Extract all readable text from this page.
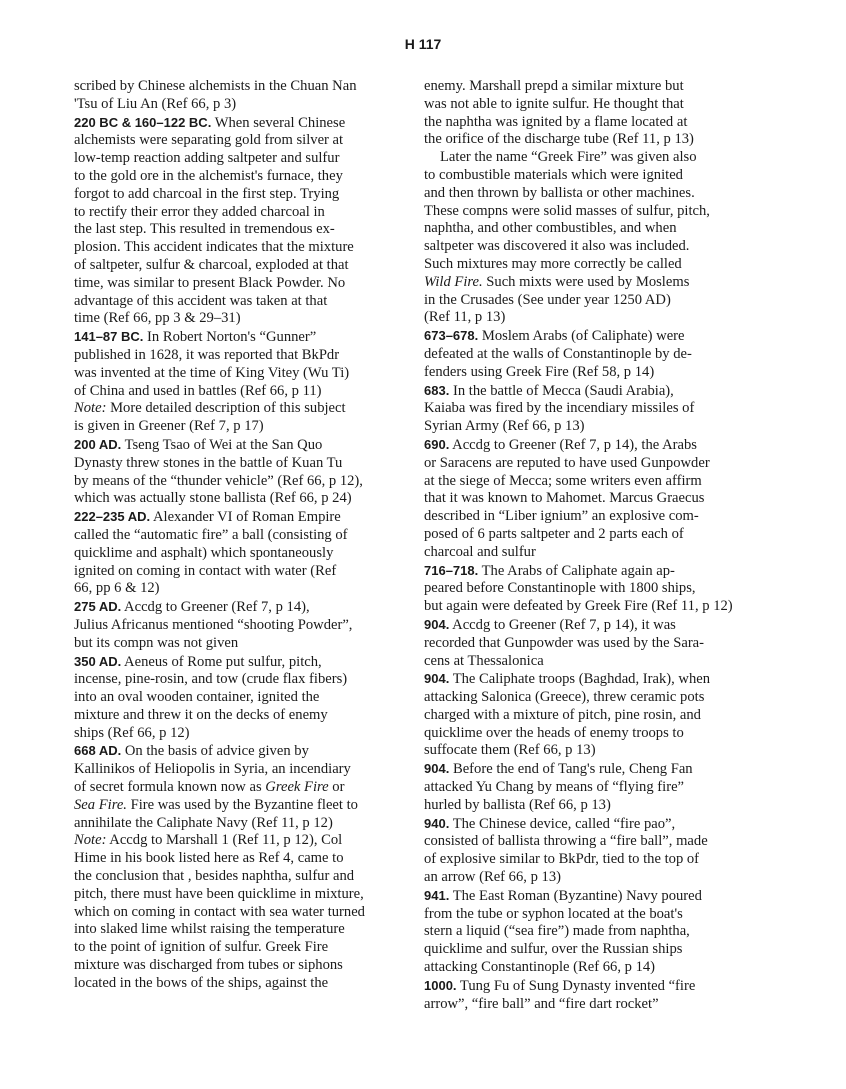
H 117
scribed by Chinese alchemists in the Chuan Nan
'Tsu of Liu An (Ref 66, p 3)
220 BC & 160–122 BC. When several Chinese
alchemists were separating gold from silver at
low-temp reaction adding saltpeter and sulfur
to the gold ore in the alchemist's furnace, they
forgot to add charcoal in the first step. Trying
to rectify their error they added charcoal in
the last step. This resulted in tremendous ex-
plosion. This accident indicates that the mixture
of saltpeter, sulfur & charcoal, exploded at that
time, was similar to present Black Powder. No
advantage of this accident was taken at that
time (Ref 66, pp 3 & 29–31)
141–87 BC. In Robert Norton's “Gunner”
published in 1628, it was reported that BkPdr
was invented at the time of King Vitey (Wu Ti)
of China and used in battles (Ref 66, p 11)
Note: More detailed description of this subject
is given in Greener (Ref 7, p 17)
200 AD. Tseng Tsao of Wei at the San Quo
Dynasty threw stones in the battle of Kuan Tu
by means of the “thunder vehicle” (Ref 66, p 12),
which was actually stone ballista (Ref 66, p 24)
222–235 AD. Alexander VI of Roman Empire
called the “automatic fire” a ball (consisting of
quicklime and asphalt) which spontaneously
ignited on coming in contact with water (Ref
66, pp 6 & 12)
275 AD. Accdg to Greener (Ref 7, p 14),
Julius Africanus mentioned “shooting Powder”,
but its compn was not given
350 AD. Aeneus of Rome put sulfur, pitch,
incense, pine-rosin, and tow (crude flax fibers)
into an oval wooden container, ignited the
mixture and threw it on the decks of enemy
ships (Ref 66, p 12)
668 AD. On the basis of advice given by
Kallinikos of Heliopolis in Syria, an incendiary
of secret formula known now as Greek Fire or
Sea Fire. Fire was used by the Byzantine fleet to
annihilate the Caliphate Navy (Ref 11, p 12)
Note: Accdg to Marshall 1 (Ref 11, p 12), Col
Hime in his book listed here as Ref 4, came to
the conclusion that , besides naphtha, sulfur and
pitch, there must have been quicklime in mixture,
which on coming in contact with sea water turned
into slaked lime whilst raising the temperature
to the point of ignition of sulfur. Greek Fire
mixture was discharged from tubes or siphons
located in the bows of the ships, against the
enemy. Marshall prepd a similar mixture but
was not able to ignite sulfur. He thought that
the naphtha was ignited by a flame located at
the orifice of the discharge tube (Ref 11, p 13)
Later the name “Greek Fire” was given also
to combustible materials which were ignited
and then thrown by ballista or other machines.
These compns were solid masses of sulfur, pitch,
naphtha, and other combustibles, and when
saltpeter was discovered it also was included.
Such mixtures may more correctly be called
Wild Fire. Such mixts were used by Moslems
in the Crusades (See under year 1250 AD)
(Ref 11, p 13)
673–678. Moslem Arabs (of Caliphate) were
defeated at the walls of Constantinople by de-
fenders using Greek Fire (Ref 58, p 14)
683. In the battle of Mecca (Saudi Arabia),
Kaiaba was fired by the incendiary missiles of
Syrian Army (Ref 66, p 13)
690. Accdg to Greener (Ref 7, p 14), the Arabs
or Saracens are reputed to have used Gunpowder
at the siege of Mecca; some writers even affirm
that it was known to Mahomet. Marcus Graecus
described in “Liber ignium” an explosive com-
posed of 6 parts saltpeter and 2 parts each of
charcoal and sulfur
716–718. The Arabs of Caliphate again ap-
peared before Constantinople with 1800 ships,
but again were defeated by Greek Fire (Ref 11, p 12)
904. Accdg to Greener (Ref 7, p 14), it was
recorded that Gunpowder was used by the Sara-
cens at Thessalonica
904. The Caliphate troops (Baghdad, Irak), when
attacking Salonica (Greece), threw ceramic pots
charged with a mixture of pitch, pine rosin, and
quicklime over the heads of enemy troops to
suffocate them (Ref 66, p 13)
904. Before the end of Tang's rule, Cheng Fan
attacked Yu Chang by means of “flying fire”
hurled by ballista (Ref 66, p 13)
940. The Chinese device, called “fire pao”,
consisted of ballista throwing a “fire ball”, made
of explosive similar to BkPdr, tied to the top of
an arrow (Ref 66, p 13)
941. The East Roman (Byzantine) Navy poured
from the tube or syphon located at the boat's
stern a liquid (“sea fire”) made from naphtha,
quicklime and sulfur, over the Russian ships
attacking Constantinople (Ref 66, p 14)
1000. Tung Fu of Sung Dynasty invented “fire
arrow”, “fire ball” and “fire dart rocket”
